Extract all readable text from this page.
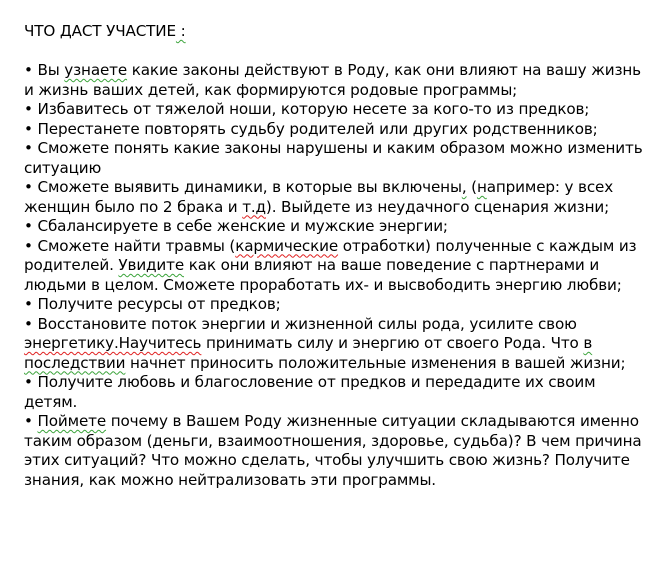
ЧТО ДАСТ УЧАСТИЕ :

• Вы узнаете какие законы действуют в Роду, как они влияют на вашу жизнь и жизнь ваших детей, как формируются родовые программы;

• Избавитесь от тяжелой ноши, которую несете за кого-то из предков;

• Перестанете повторять судьбу родителей или других родственников;

• Сможете понять какие законы нарушены и каким образом можно изменить ситуацию

• Сможете выявить динамики, в которые вы включены, (например: у всех женщин было по 2 брака и т.д). Выйдете из неудачного сценария жизни;

• Сбалансируете в себе женские и мужские энергии;

• Сможете найти травмы (кармические отработки) полученные с каждым из родителей. Увидите как они влияют на ваше поведение с партнерами и людьми в целом. Сможете проработать их- и высвободить энергию любви;

• Получите ресурсы от предков;

• Восстановите поток энергии и жизненной силы рода, усилите свою энергетику.Научитесь принимать силу и энергию от своего Рода. Что в последствии начнет приносить положительные изменения в вашей жизни;

• Получите любовь и благословение от предков и передадите их своим детям.

• Поймете почему в Вашем Роду жизненные ситуации складываются именно таким образом (деньги, взаимоотношения, здоровье, судьба)? В чем причина этих ситуаций? Что можно сделать, чтобы улучшить свою жизнь? Получите знания, как можно нейтрализовать эти программы.
